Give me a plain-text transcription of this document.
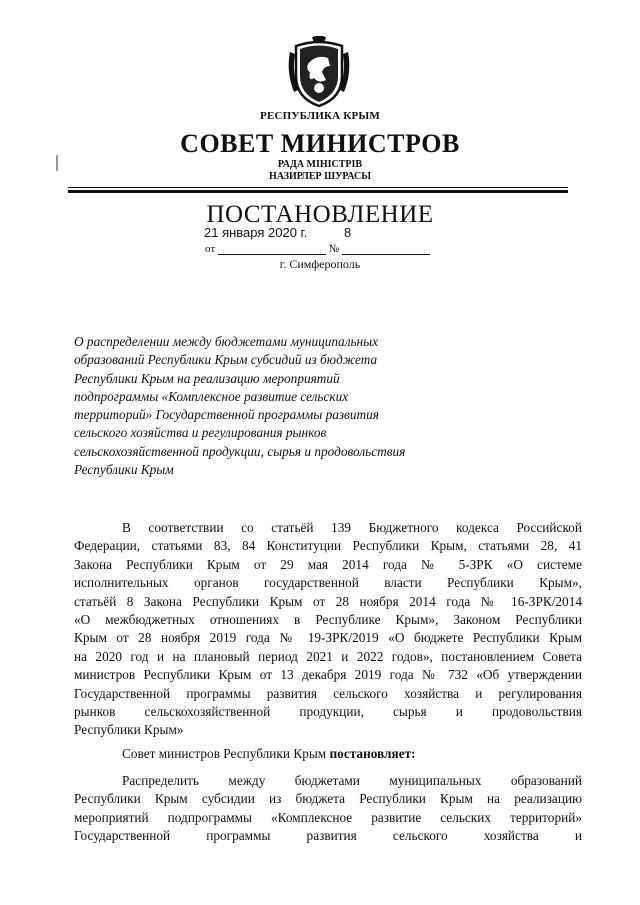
РЕСПУБЛИКА КРЫМ
СОВЕТ МИНИСТРОВ
РАДА МІНІСТРІВ
НАЗИРЛЕР ШУРАСЫ
ПОСТАНОВЛЕНИЕ
21 января 2020 г.	8
от	№
г. Симферополь
О распределении между бюджетами муниципальных
образований Республики Крым субсидий из бюджета
Республики Крым на реализацию мероприятий
подпрограммы «Комплексное развитие сельских
территорий» Государственной программы развития
сельского хозяйства и регулирования рынков
сельскохозяйственной продукции, сырья и продовольствия
Республики Крым
В соответствии со статьёй 139 Бюджетного кодекса Российской
Федерации, статьями 83, 84 Конституции Республики Крым, статьями 28, 41
Закона Республики Крым от 29 мая 2014 года № 5-ЗРК «О системе
исполнительных органов государственной власти Республики Крым»,
статьёй 8 Закона Республики Крым от 28 ноября 2014 года № 16-ЗРК/2014
«О межбюджетных отношениях в Республике Крым», Законом Республики
Крым от 28 ноября 2019 года № 19-ЗРК/2019 «О бюджете Республики Крым
на 2020 год и на плановый период 2021 и 2022 годов», постановлением Совета
министров Республики Крым от 13 декабря 2019 года № 732 «Об утверждении
Государственной программы развития сельского хозяйства и регулирования
рынков сельскохозяйственной продукции, сырья и продовольствия
Республики Крым»
Совет министров Республики Крым постановляет:
Распределить между бюджетами муниципальных образований
Республики Крым субсидии из бюджета Республики Крым на реализацию
мероприятий подпрограммы «Комплексное развитие сельских территорий»
Государственной программы развития сельского хозяйства и
